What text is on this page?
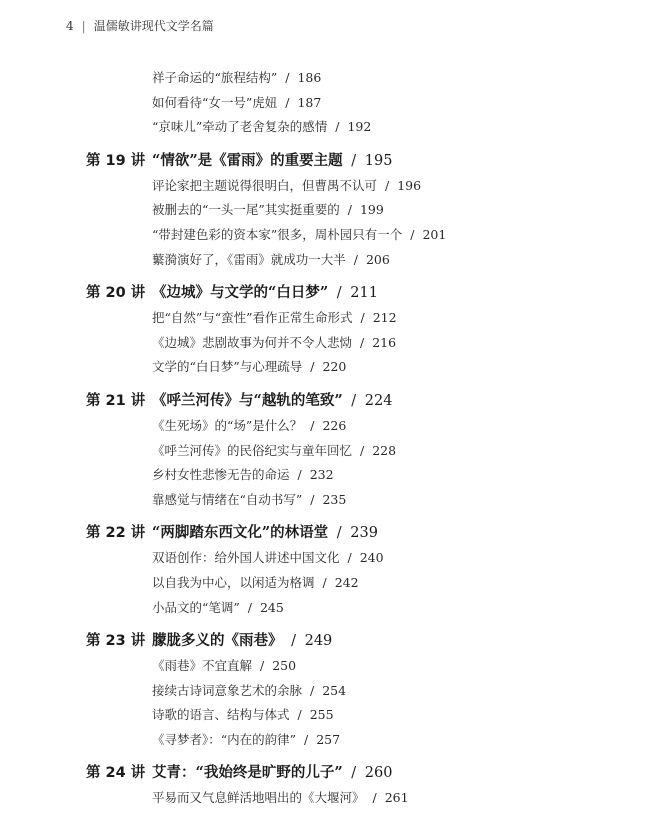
4 | 温儒敏讲现代文学名篇
祥子命运的“旅程结构” / 186
如何看待“女一号”虎妞 / 187
“京味儿”牵动了老舍复杂的感情 / 192
第 19 讲 “情欲”是《雷雨》的重要主题 / 195
评论家把主题说得很明白，但曹禺不认可 / 196
被删去的“一头一尾”其实挺重要的 / 199
“带封建色彩的资本家”很多，周朴园只有一个 / 201
蘩漪演好了，《雷雨》就成功一大半 / 206
第 20 讲 《边城》与文学的“白日梦” / 211
把“自然”与“蛮性”看作正常生命形式 / 212
《边城》悲剧故事为何并不令人悲恸 / 216
文学的“白日梦”与心理疏导 / 220
第 21 讲 《呼兰河传》与“越轨的笔致” / 224
《生死场》的“场”是什么？ / 226
《呼兰河传》的民俗纪实与童年回忆 / 228
乡村女性悲惨无告的命运 / 232
靠感觉与情绪在“自动书写” / 235
第 22 讲 “两脚踏东西文化”的林语堂 / 239
双语创作：给外国人讲述中国文化 / 240
以自我为中心，以闲适为格调 / 242
小品文的“笔调” / 245
第 23 讲 朦胧多义的《雨巷》 / 249
《雨巷》不宜直解 / 250
接续古诗词意象艺术的余脉 / 254
诗歌的语言、结构与体式 / 255
《寻梦者》：“内在的韵律” / 257
第 24 讲 艾青：“我始终是旷野的儿子” / 260
平易而又气息鲜活地唱出的《大堰河》 / 261
